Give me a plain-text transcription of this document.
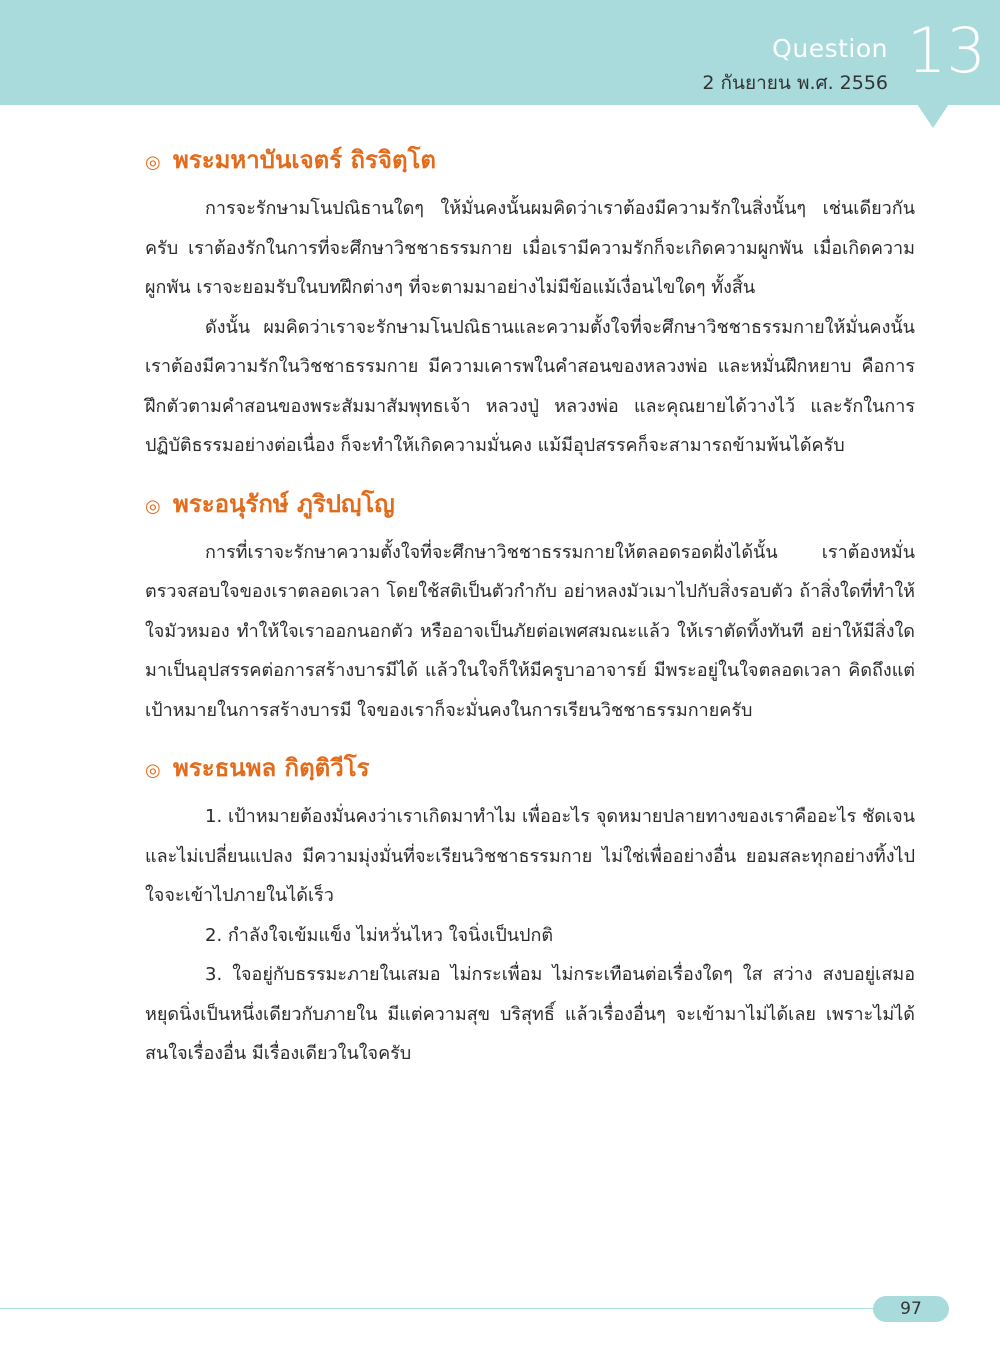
Question
2 กันยายน พ.ศ. 2556 13
◎ พระมหาบันเจตร์ ถิรจิตฺโต

การจะรักษามโนปณิธานใดๆ ให้มั่นคงนั้นผมคิดว่าเราต้องมีความรักในสิ่งนั้นๆ เช่นเดียวกันครับ เราต้องรักในการที่จะศึกษาวิชชาธรรมกาย เมื่อเรามีความรักก็จะเกิดความผูกพัน เมื่อเกิดความผูกพัน เราจะยอมรับในบทฝึกต่างๆ ที่จะตามมาอย่างไม่มีข้อแม้เงื่อนไขใดๆ ทั้งสิ้น

ดังนั้น ผมคิดว่าเราจะรักษามโนปณิธานและความตั้งใจที่จะศึกษาวิชชาธรรมกายให้มั่นคงนั้นเราต้องมีความรักในวิชชาธรรมกาย มีความเคารพในคำสอนของหลวงพ่อ และหมั่นฝึกหยาบ คือการฝึกตัวตามคำสอนของพระสัมมาสัมพุทธเจ้า หลวงปู่ หลวงพ่อ และคุณยายได้วางไว้ และรักในการปฏิบัติธรรมอย่างต่อเนื่อง ก็จะทำให้เกิดความมั่นคง แม้มีอุปสรรคก็จะสามารถข้ามพ้นได้ครับ

◎ พระอนุรักษ์ ภูริปญฺโญ

การที่เราจะรักษาความตั้งใจที่จะศึกษาวิชชาธรรมกายให้ตลอดรอดฝั่งได้นั้น เราต้องหมั่นตรวจสอบใจของเราตลอดเวลา โดยใช้สติเป็นตัวกำกับ อย่าหลงมัวเมาไปกับสิ่งรอบตัว ถ้าสิ่งใดที่ทำให้ใจมัวหมอง ทำให้ใจเราออกนอกตัว หรืออาจเป็นภัยต่อเพศสมณะแล้ว ให้เราตัดทิ้งทันที อย่าให้มีสิ่งใดมาเป็นอุปสรรคต่อการสร้างบารมีได้ แล้วในใจก็ให้มีครูบาอาจารย์ มีพระอยู่ในใจตลอดเวลา คิดถึงแต่เป้าหมายในการสร้างบารมี ใจของเราก็จะมั่นคงในการเรียนวิชชาธรรมกายครับ

◎ พระธนพล กิตฺติวีโร

1. เป้าหมายต้องมั่นคงว่าเราเกิดมาทำไม เพื่ออะไร จุดหมายปลายทางของเราคืออะไร ชัดเจน และไม่เปลี่ยนแปลง มีความมุ่งมั่นที่จะเรียนวิชชาธรรมกาย ไม่ใช่เพื่ออย่างอื่น ยอมสละทุกอย่างทิ้งไป ใจจะเข้าไปภายในได้เร็ว

2. กำลังใจเข้มแข็ง ไม่หวั่นไหว ใจนิ่งเป็นปกติ

3. ใจอยู่กับธรรมะภายในเสมอ ไม่กระเพื่อม ไม่กระเทือนต่อเรื่องใดๆ ใส สว่าง สงบอยู่เสมอ หยุดนิ่งเป็นหนึ่งเดียวกับภายใน มีแต่ความสุข บริสุทธิ์ แล้วเรื่องอื่นๆ จะเข้ามาไม่ได้เลย เพราะไม่ได้สนใจเรื่องอื่น มีเรื่องเดียวในใจครับ

97
